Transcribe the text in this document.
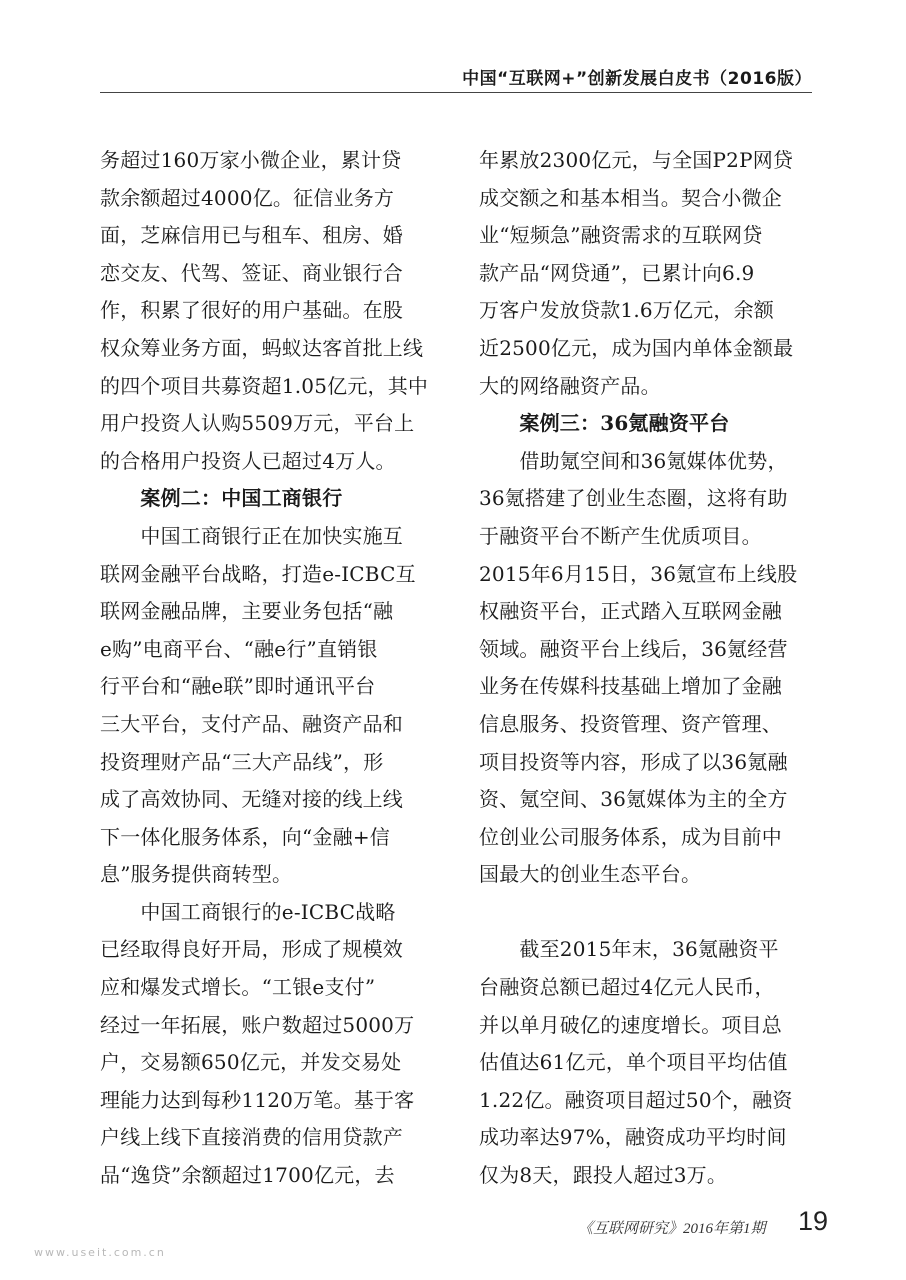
中国“互联网+”创新发展白皮书（2016版）
务超过160万家小微企业，累计贷
款余额超过4000亿。征信业务方
面，芝麻信用已与租车、租房、婚
恋交友、代驾、签证、商业银行合
作，积累了很好的用户基础。在股
权众筹业务方面，蚂蚁达客首批上线
的四个项目共募资超1.05亿元，其中
用户投资人认购5509万元，平台上
的合格用户投资人已超过4万人。
　　案例二：中国工商银行
　　中国工商银行正在加快实施互
联网金融平台战略，打造e-ICBC互
联网金融品牌，主要业务包括“融
e购”电商平台、“融e行”直销银
行平台和“融e联”即时通讯平台
三大平台，支付产品、融资产品和
投资理财产品“三大产品线”，形
成了高效协同、无缝对接的线上线
下一体化服务体系，向“金融+信
息”服务提供商转型。
　　中国工商银行的e-ICBC战略
已经取得良好开局，形成了规模效
应和爆发式增长。“工银e支付”
经过一年拓展，账户数超过5000万
户，交易额650亿元，并发交易处
理能力达到每秒1120万笔。基于客
户线上线下直接消费的信用贷款产
品“逸贷”余额超过1700亿元，去
年累放2300亿元，与全国P2P网贷
成交额之和基本相当。契合小微企
业“短频急”融资需求的互联网贷
款产品“网贷通”，已累计向6.9
万客户发放贷款1.6万亿元，余额
近2500亿元，成为国内单体金额最
大的网络融资产品。
　　案例三：36氪融资平台
　　借助氪空间和36氪媒体优势，
36氪搭建了创业生态圈，这将有助
于融资平台不断产生优质项目。
2015年6月15日，36氪宣布上线股
权融资平台，正式踏入互联网金融
领域。融资平台上线后，36氪经营
业务在传媒科技基础上增加了金融
信息服务、投资管理、资产管理、
项目投资等内容，形成了以36氪融
资、氪空间、36氪媒体为主的全方
位创业公司服务体系，成为目前中
国最大的创业生态平台。
　　截至2015年末，36氪融资平
台融资总额已超过4亿元人民币，
并以单月破亿的速度增长。项目总
估值达61亿元，单个项目平均估值
1.22亿。融资项目超过50个，融资
成功率达97%，融资成功平均时间
仅为8天，跟投人超过3万。
《互联网研究》2016年第1期 19
www.useit.com.cn
